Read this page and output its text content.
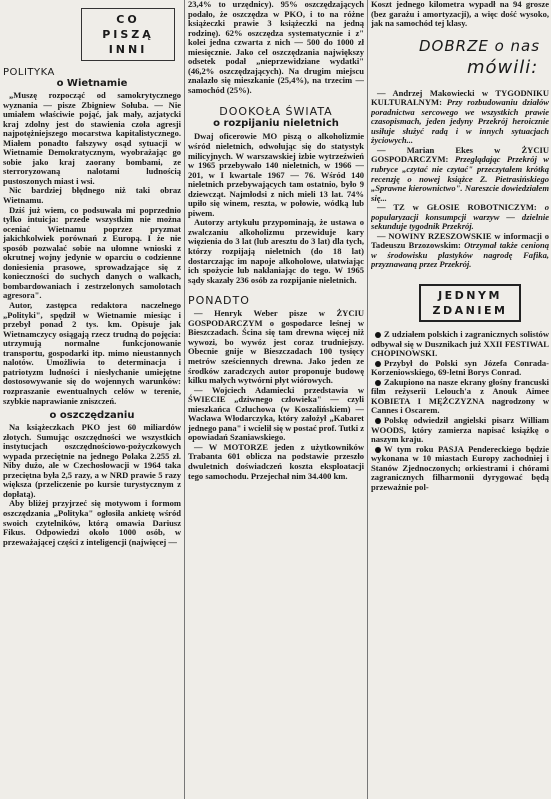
CO
PISZĄ
INNI
POLITYKA
o Wietnamie

„Muszę rozpocząć od samokrytycznego wyznania — pisze Zbigniew Sołuba. — Nie umiałem właściwie pojąć, jak mały, azjatycki kraj zdolny jest do stawienia czoła agresji najpotężniejszego mocarstwa kapitalistycznego. Miałem ponadto fałszywy osąd sytuacji w Wietnamie Demokratycznym, wyobrażając go sobie jako kraj zaorany bombami, ze sterroryzowaną nalotami ludnością pustoszonych miast i wsi.

Nic bardziej błędnego niż taki obraz Wietnamu.

Dziś już wiem, co podsuwała mi poprzednio tylko intuicja: przede wszystkim nie można oceniać Wietnamu poprzez pryzmat jakichkolwiek porównań z Europą. I że nie sposób pozwalać sobie na ułomne wnioski z okrutnej wojny jedynie w oparciu o codzienne doniesienia prasowe, sprowadzające się z konieczności do suchych danych o walkach, bombardowaniach i zestrzelonych samolotach agresora".

Autor, zastępca redaktora naczelnego „Polityki", spędził w Wietnamie miesiąc i przebył ponad 2 tys. km. Opisuje jak Wietnamczycy osiągają rzecz trudną do pojęcia: utrzymują normalne funkcjonowanie transportu, gospodarki itp. mimo nieustannych nalotów. Umożliwia to determinacja i patriotyzm ludności i niesłychanie umiejętne dostosowywanie się do wojennych warunków: rozpraszanie ewentualnych celów w terenie, szybkie naprawianie zniszczeń.

o oszczędzaniu

Na książeczkach PKO jest 60 miliardów złotych. Sumując oszczędności we wszystkich instytucjach oszczędnościowo-pożyczkowych wypada przeciętnie na jednego Polaka 2.255 zł. Niby dużo, ale w Czechosłowacji w 1964 taka przeciętna była 2,5 razy, a w NRD prawie 5 razy większa (przeliczenie po kursie turystycznym z dopłatą).

Aby bliżej przyjrzeć się motywom i formom oszczędzania „Polityka" ogłosiła ankietę wśród swoich czytelników, którą omawia Dariusz Fikus. Odpowiedzi około 1000 osób, w przeważającej części z inteligencji (najwięcej —

23,4% to urzędnicy). 95% oszczędzających podało, że oszczędza w PKO, i to na różne książeczki prawie 3 książeczki na jedną rodzinę). 62% oszczędza systematycznie i z" kolei jedna czwarta z nich — 500 do 1000 zł miesięcznie. Jako cel oszczędzania największy odsetek podał „nieprzewidziane wydatki" (46,2% oszczędzających). Na drugim miejscu znalazło się mieszkanie (25,4%), na trzecim — samochód (25%).

DOOKOŁA ŚWIATA
o rozpijaniu nieletnich

Dwaj oficerowie MO piszą o alkoholizmie wśród nieletnich, odwołując się do statystyk milicyjnych. W warszawskiej izbie wytrzeźwień w 1965 przebywało 140 nieletnich, w 1966 — 201, w I kwartale 1967 — 76. Wśród 140 nieletnich przebywających tam ostatnio, było 9 dziewcząt. Najmłodsi z nich mieli 13 lat. 74% upiło się winem, reszta, w połowie, wódką lub piwem.

Autorzy artykułu przypominają, że ustawa o zwalczaniu alkoholizmu przewiduje kary więzienia do 3 lat (lub aresztu do 3 lat) dla tych, którzy rozpijają nieletnich (do 18 lat) dostarczając im napoje alkoholowe, ułatwiając ich spożycie lub nakłaniając do tego. W 1965 sądy skazały 236 osób za rozpijanie nieletnich.

PONADTO

— Henryk Weber pisze w ŻYCIU GOSPODARCZYM o gospodarce leśnej w Bieszczadach. Ścina się tam drewna więcej niż wywozi, bo wywóz jest coraz trudniejszy. Obecnie gnije w Bieszczadach 100 tysięcy metrów sześciennych drewna. Jako jeden ze środków zaradczych autor proponuje budowę kilku małych wytwórni płyt wiórowych.

— Wojciech Adamiecki przedstawia w ŚWIECIE „dziwnego człowieka" — czyli mieszkańca Czluchowa (w Koszalińskiem) — Wacława Włodarczyka, który założył „Kabaret jednego pana" i wcielił się w postać prof. Tutki z opowiadań Szaniawskiego.

— W MOTORZE jeden z użytkowników Trabanta 601 oblicza na podstawie przeszło dwuletnich doświadczeń koszta eksploatacji tego samochodu. Przejechał nim 34.400 km.

Koszt jednego kilometra wypadł na 94 grosze (bez garażu i amortyzacji), a więc dość wysoko, jak na samochód tej klasy.

DOBRZE o nas
mówili:

— Andrzej Makowiecki w TYGODNIKU KULTURALNYM: Przy rozbudowaniu działów poradnictwa sercowego we wszystkich prawie czasopismach, jeden jedyny Przekrój heroicznie usiłuje służyć radą i w innych sytuacjach życiowych...

— Marian Ekes w ŻYCIU GOSPODARCZYM: Przeglądając Przekrój w rubryce „czytać nie czytać" przeczytałem krótką recenzję o nowej książce Z. Pietrasińskiego „Sprawne kierownictwo". Nareszcie dowiedziałem się...

— TZ w GŁOSIE ROBOTNICZYM: o popularyzacji konsumpcji warzyw — dzielnie sekunduje tygodnik Przekrój.

— NOWINY RZESZOWSKIE w informacji o Tadeuszu Brzozowskim: Otrzymał także cenioną w środowisku plastyków nagrodę Fafika, przyznawaną przez Przekrój.

JEDNYM
ZDANIEM

Z udziałem polskich i zagranicznych solistów odbywał się w Dusznikach już XXII FESTIWAL CHOPINOWSKI.

Przybył do Polski syn Józefa Conrada-Korzeniowskiego, 69-letni Borys Conrad.

Zakupiono na nasze ekrany głośny francuski film reżyserii Lelouch'a z Anouk Aimee KOBIETA I MĘŻCZYZNA nagrodzony w Cannes i Oscarem.

Polskę odwiedził angielski pisarz William WOODS, który zamierza napisać książkę o naszym kraju.

W tym roku PASJA Pendereckiego będzie wykonana w 10 miastach Europy zachodniej i Stanów Zjednoczonych; orkiestrami i chórami zagranicznych filharmonii dyrygować będą przeważnie pol-
